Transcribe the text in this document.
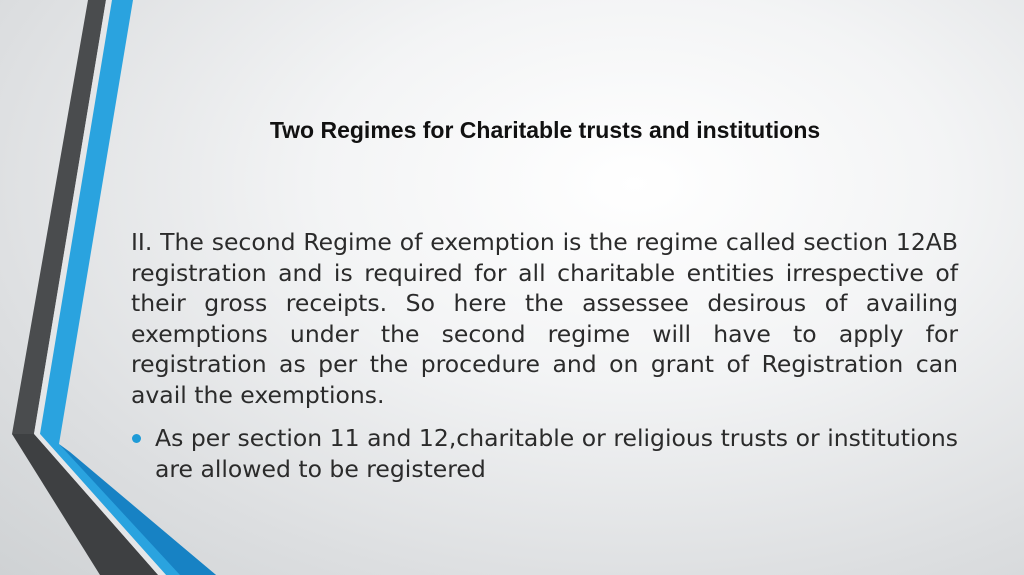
Two Regimes for Charitable trusts and institutions

II. The second Regime of exemption is the regime called section 12AB registration and is required for all charitable entities irrespective of their gross receipts. So here the assessee desirous of availing exemptions under the second regime will have to apply for registration as per the procedure and on grant of Registration can avail the exemptions.

As per section 11 and 12,charitable or religious trusts or institutions are allowed to be registered
